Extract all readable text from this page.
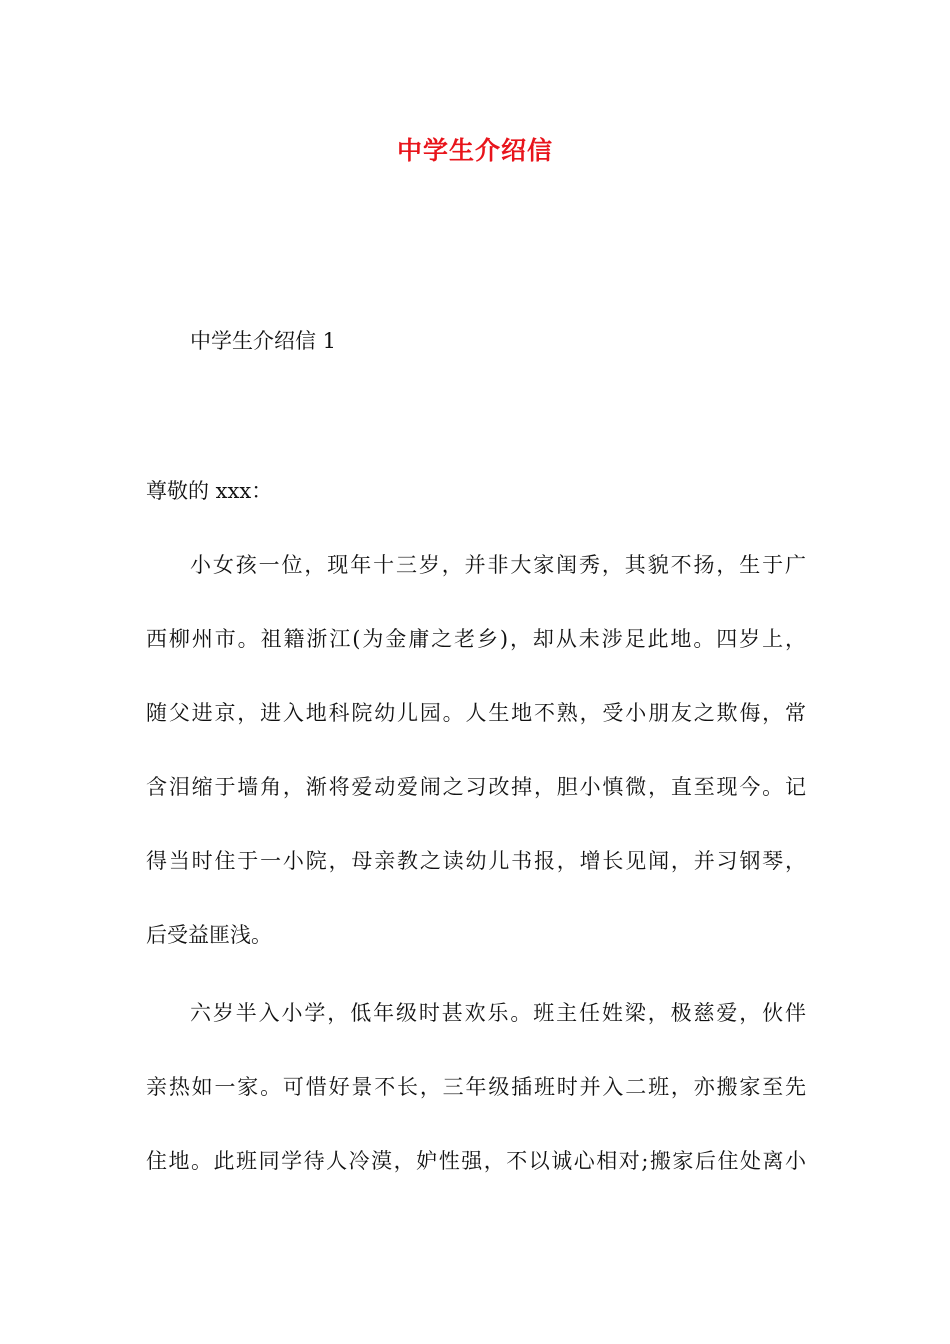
中学生介绍信
中学生介绍信 1
尊敬的 xxx：
小女孩一位，现年十三岁，并非大家闺秀，其貌不扬，生于广
西柳州市。祖籍浙江(为金庸之老乡)，却从未涉足此地。四岁上，
随父进京，进入地科院幼儿园。人生地不熟，受小朋友之欺侮，常
含泪缩于墙角，渐将爱动爱闹之习改掉，胆小慎微，直至现今。记
得当时住于一小院，母亲教之读幼儿书报，增长见闻，并习钢琴，
后受益匪浅。
六岁半入小学，低年级时甚欢乐。班主任姓梁，极慈爱，伙伴
亲热如一家。可惜好景不长，三年级插班时并入二班，亦搬家至先
住地。此班同学待人冷漠，妒性强，不以诚心相对;搬家后住处离小
